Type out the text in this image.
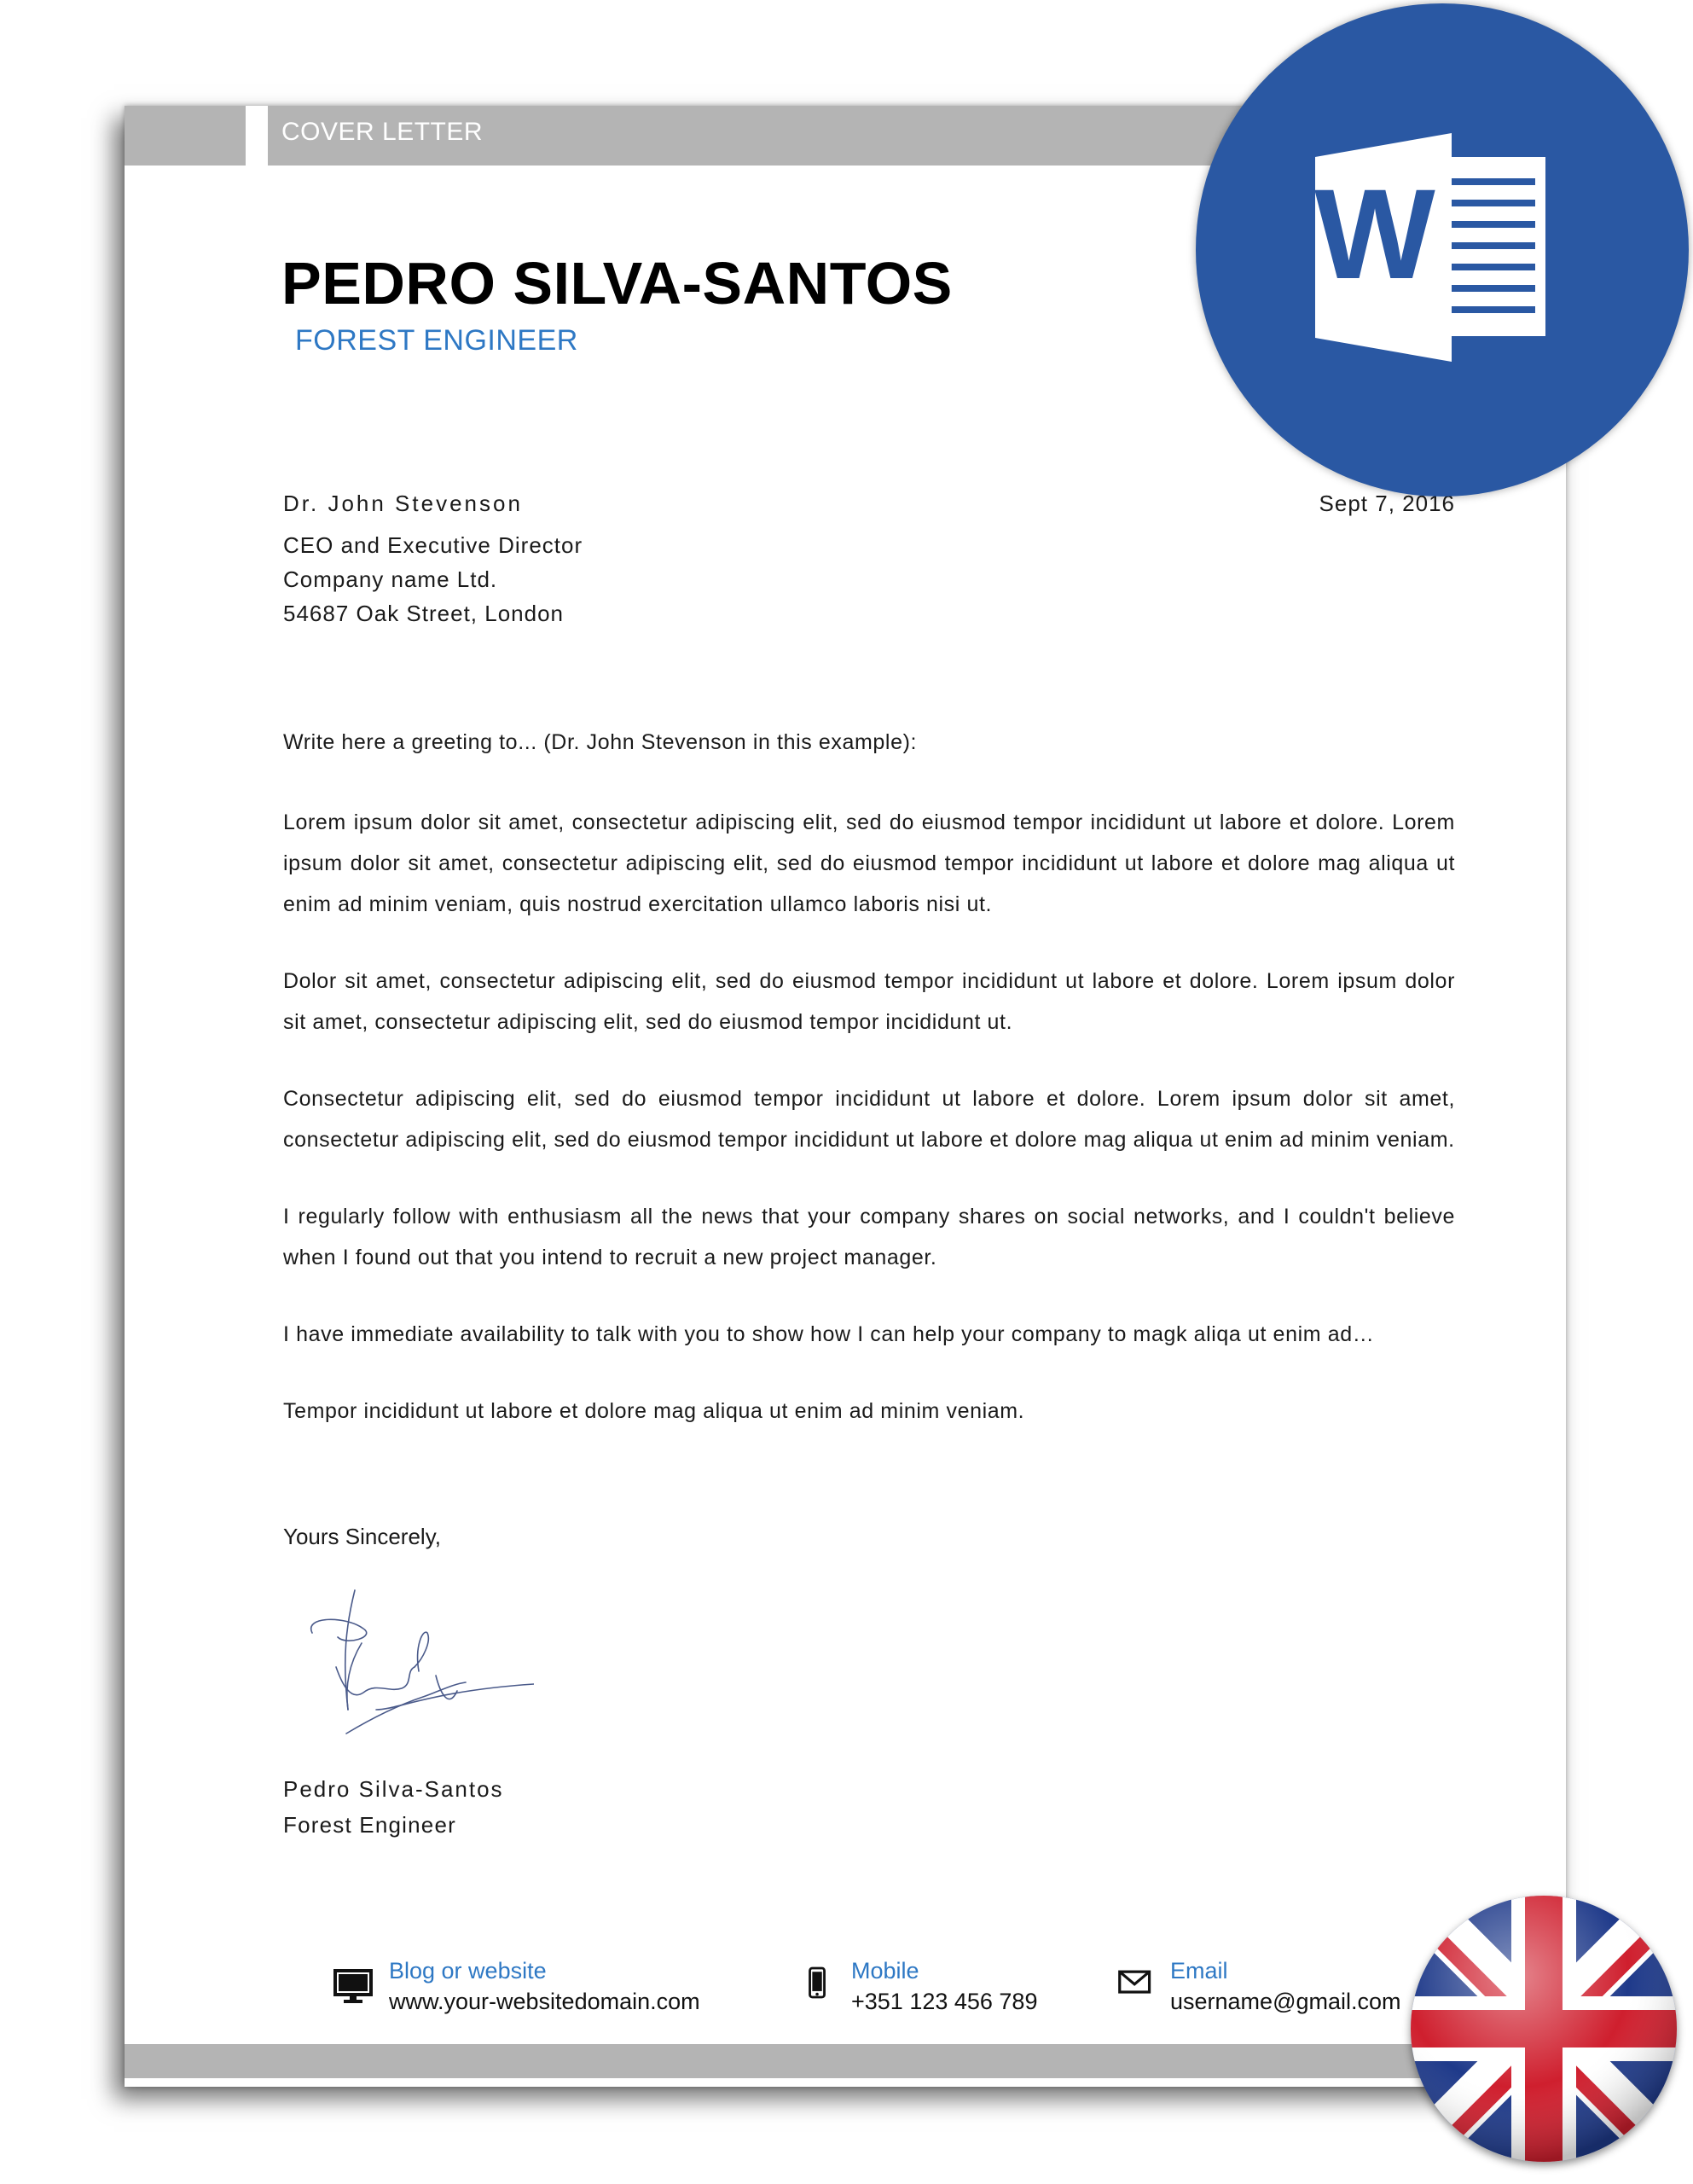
COVER LETTER
PEDRO SILVA-SANTOS
FOREST ENGINEER
Dr. John Stevenson
CEO and Executive Director
Company name Ltd.
54687 Oak Street, London
Sept 7, 2016

Write here a greeting to... (Dr. John Stevenson in this example):

Lorem ipsum dolor sit amet, consectetur adipiscing elit, sed do eiusmod tempor incididunt ut labore et dolore. Lorem ipsum dolor sit amet, consectetur adipiscing elit, sed do eiusmod tempor incididunt ut labore et dolore mag aliqua ut enim ad minim veniam, quis nostrud exercitation ullamco laboris nisi ut.

Dolor sit amet, consectetur adipiscing elit, sed do eiusmod tempor incididunt ut labore et dolore. Lorem ipsum dolor sit amet, consectetur adipiscing elit, sed do eiusmod tempor incididunt ut.

Consectetur adipiscing elit, sed do eiusmod tempor incididunt ut labore et dolore. Lorem ipsum dolor sit amet, consectetur adipiscing elit, sed do eiusmod tempor incididunt ut labore et dolore mag aliqua ut enim ad minim veniam.

I regularly follow with enthusiasm all the news that your company shares on social networks, and I couldn't believe when I found out that you intend to recruit a new project manager.

I have immediate availability to talk with you to show how I can help your company to magk aliqa ut enim ad…

Tempor incididunt ut labore et dolore mag aliqua ut enim ad minim veniam.

Yours Sincerely,
Pedro Silva-Santos
Forest Engineer
Blog or website
www.your-websitedomain.com
Mobile
+351 123 456 789
Email
username@gmail.com
W
